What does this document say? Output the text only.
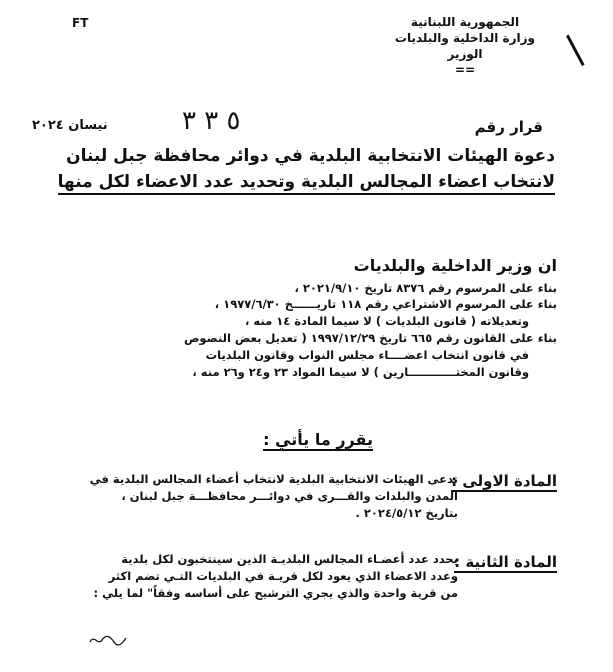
FT	الجمهورية اللبنانية
وزارة الداخلية والبلديات
الوزير
==
قرار رقم
٥ ٣ ٣
نيسان ٢٠٢٤
دعوة الهيئات الانتخابية البلدية في دوائر محافظة جبل لبنان
لانتخاب اعضاء المجالس البلدية وتحديد عدد الاعضاء لكل منها
ان وزير الداخلية والبلديات
بناء على المرسوم رقم ٨٣٧٦ تاريخ ٢٠٢١/٩/١٠ ،
بناء على المرسوم الاشتراعي رقم ١١٨ تاريــــــخ ١٩٧٧/٦/٣٠ ،
وتعديلاته ( قانون البلديات ) لا سيما المادة ١٤ منه ،
بناء على القانون رقم ٦٦٥ تاريخ ١٩٩٧/١٢/٢٩ ( تعديل بعض النصوص
في قانون انتخاب اعضــــاء مجلس النواب وقانون البلديات
وقانون المختــــــــــــارين ) لا سيما المواد ٢٣ و٢٤ و٢٦ منه ،
يقرر ما يأتي :
المادة الاولى :
تدعى الهيئات الانتخابية البلدية لانتخاب أعضاء المجالس البلدية في
المدن والبلدات والقـــرى في دوائـــر محافظـــة جبل لبنان ،
بتاريخ ٢٠٢٤/٥/١٢ .
المادة الثانية :
يحدد عدد أعضـاء المجالس البلديـة الذين سينتخبون لكل بلدية
وعدد الاعضاء الذي يعود لكل قريـة في البلديات التـي تضم اكثر
من قرية واحدة والذي يجري الترشيح على أساسه وفقاً" لما يلي :
